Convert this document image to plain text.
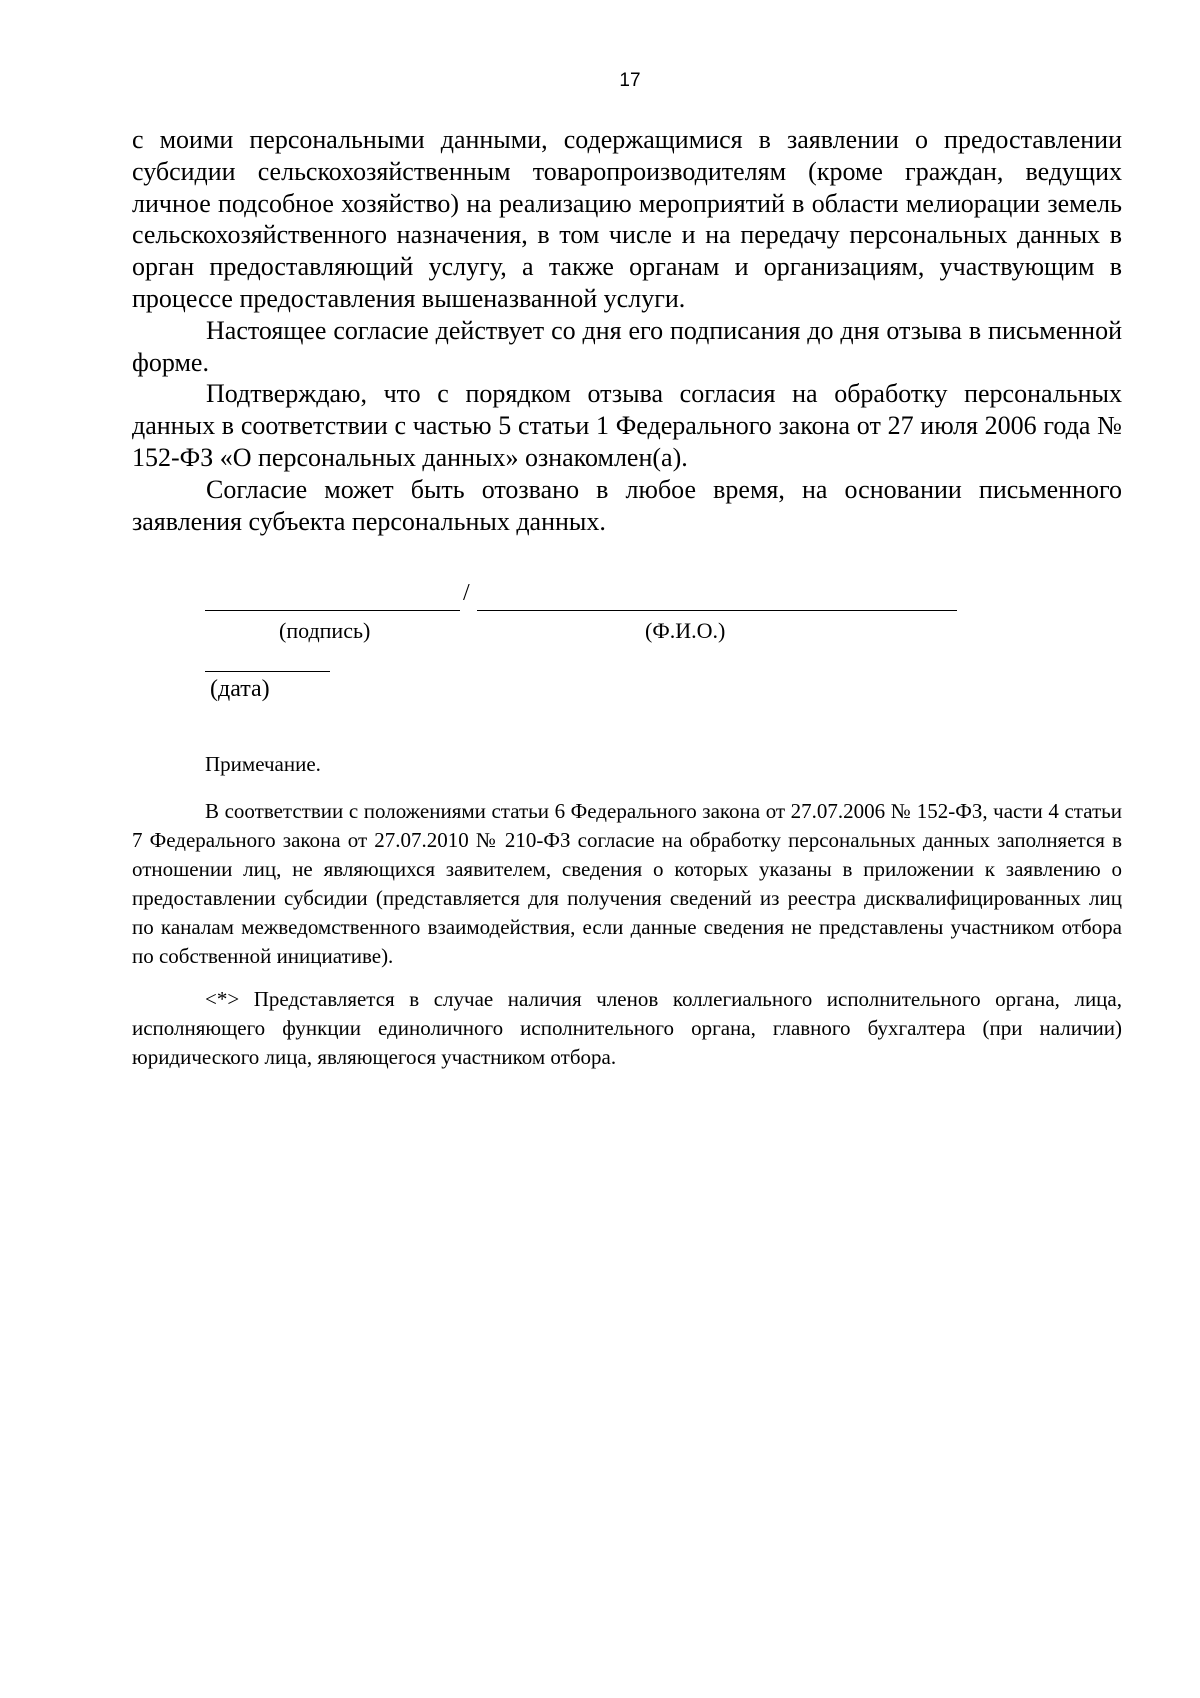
17

с моими персональными данными, содержащимися в заявлении о предоставлении субсидии сельскохозяйственным товаропроизводителям (кроме граждан, ведущих личное подсобное хозяйство) на реализацию мероприятий в области мелиорации земель сельскохозяйственного назначения, в том числе и на передачу персональных данных в орган предоставляющий услугу, а также органам и организациям, участвующим в процессе предоставления вышеназванной услуги.

Настоящее согласие действует со дня его подписания до дня отзыва в письменной форме.

Подтверждаю, что с порядком отзыва согласия на обработку персональных данных в соответствии с частью 5 статьи 1 Федерального закона от 27 июля 2006 года № 152-ФЗ «О персональных данных» ознакомлен(а).

Согласие может быть отозвано в любое время, на основании письменного заявления субъекта персональных данных.

/
(подпись)	(Ф.И.О.)
(дата)
Примечание.

В соответствии с положениями статьи 6 Федерального закона от 27.07.2006 № 152-ФЗ, части 4 статьи 7 Федерального закона от 27.07.2010 № 210-ФЗ согласие на обработку персональных данных заполняется в отношении лиц, не являющихся заявителем, сведения о которых указаны в приложении к заявлению о предоставлении субсидии (представляется для получения сведений из реестра дисквалифицированных лиц по каналам межведомственного взаимодействия, если данные сведения не представлены участником отбора по собственной инициативе).

<*> Представляется в случае наличия членов коллегиального исполнительного органа, лица, исполняющего функции единоличного исполнительного органа, главного бухгалтера (при наличии) юридического лица, являющегося участником отбора.
